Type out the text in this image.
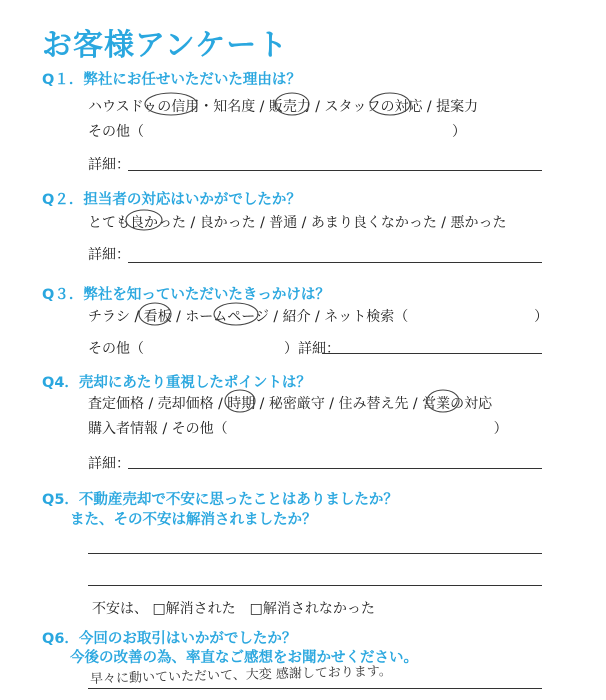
お客様アンケート
Q１．弊社にお任せいただいた理由は？
ハウスドゥの信用・知名度 / 販売力 / スタッフの対応 / 提案力
その他（　　　　　　　　　　　　　　　　　　　　　　）
詳細：
Q２．担当者の対応はいかがでしたか？
とても良かった / 良かった / 普通 / あまり良くなかった / 悪かった
詳細：
Q３．弊社を知っていただいたきっかけは？
チラシ / 看板 / ホームページ / 紹介 / ネット検索（　　　　　　　　　）
その他（　　　　　　　　　　）詳細：
Q4．売却にあたり重視したポイントは？
査定価格 / 売却価格 / 時期 / 秘密厳守 / 住み替え先 / 営業の対応
購入者情報 / その他（　　　　　　　　　　　　　　　　　　　）
詳細：
Q5．不動産売却で不安に思ったことはありましたか？
また、その不安は解消されましたか？
不安は、 □解消された　□解消されなかった
Q6．今回のお取引はいかがでしたか？
今後の改善の為、率直なご感想をお聞かせください。
早々に動いていただいて、大変 感謝しております。
